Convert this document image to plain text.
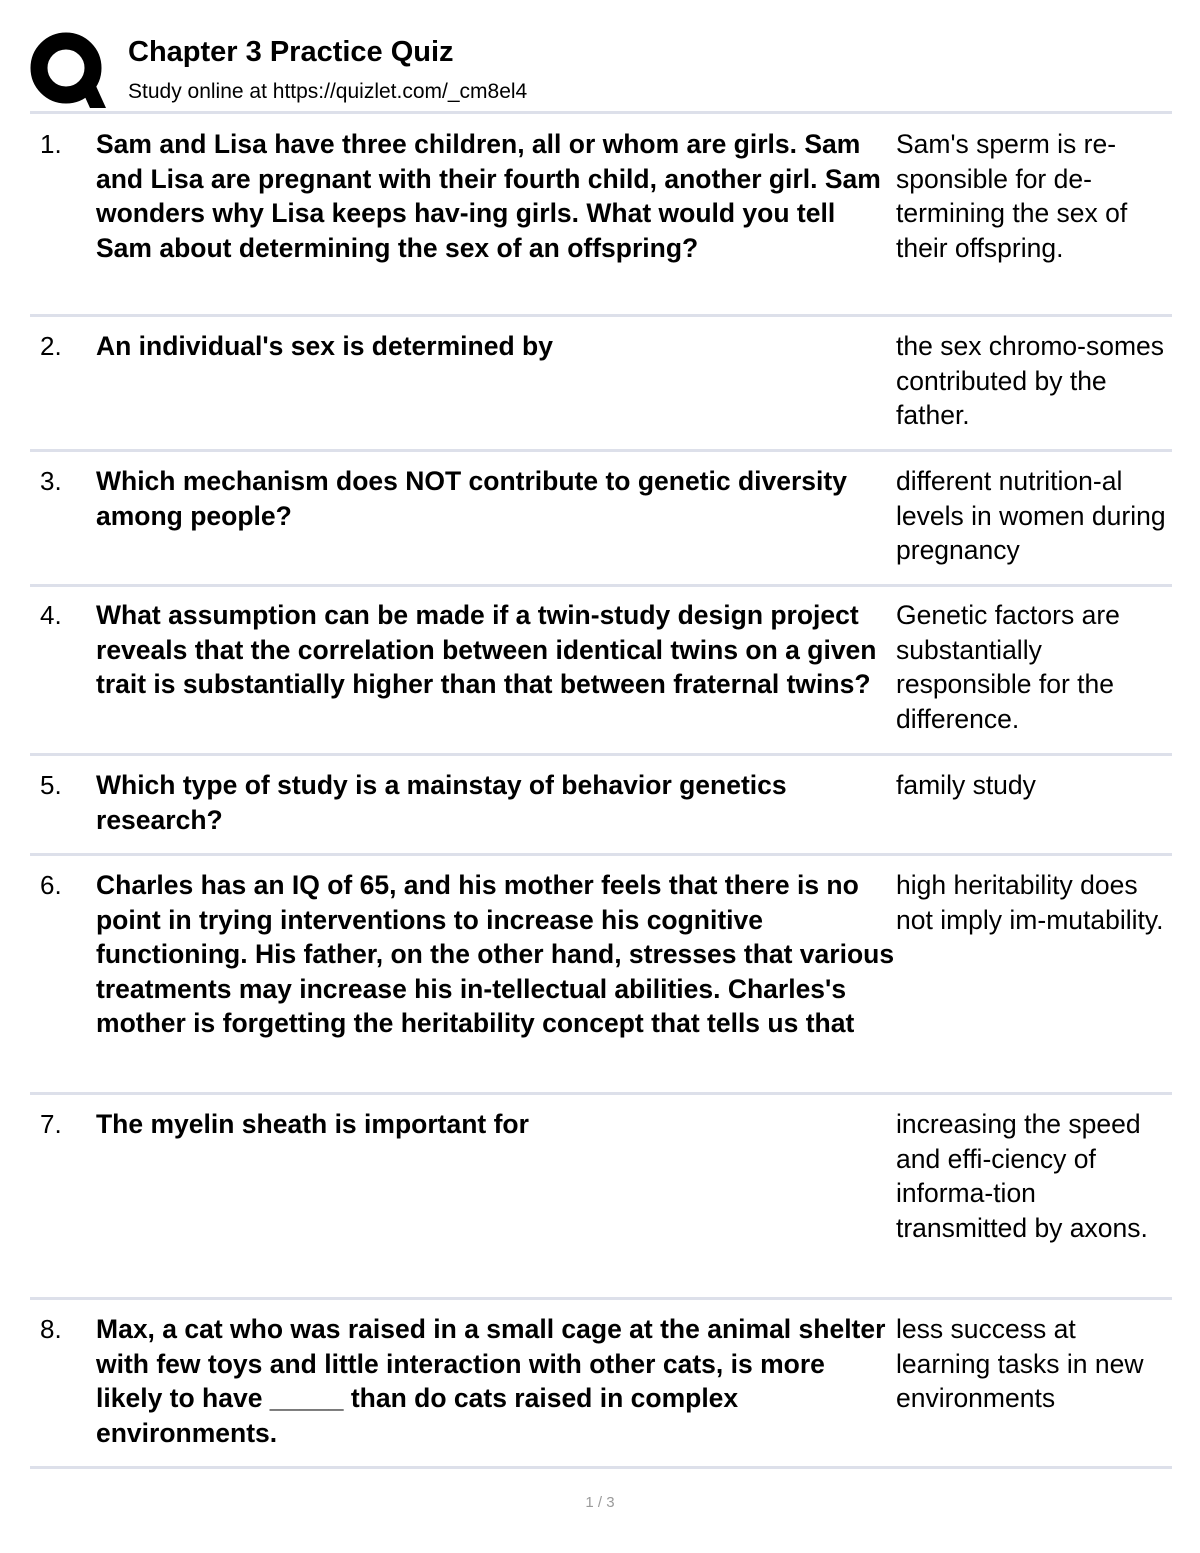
Chapter 3 Practice Quiz
Study online at https://quizlet.com/_cm8el4
1. Sam and Lisa have three children, all or whom are girls. Sam and Lisa are pregnant with their fourth child, another girl. Sam wonders why Lisa keeps hav-ing girls. What would you tell Sam about determining the sex of an offspring?

Sam's sperm is re-sponsible for de-termining the sex of their offspring.

2. An individual's sex is determined by	the sex chromo-somes contributed by the father.

3. Which mechanism does NOT contribute to genetic diversity among people?

different nutrition-al levels in women during pregnancy

4. What assumption can be made if a twin-study design project reveals that the correlation between identical twins on a given trait is substantially higher than that between fraternal twins?

Genetic factors are substantially responsible for the difference.

5. Which type of study is a mainstay of behavior genetics research?

family study

6. Charles has an IQ of 65, and his mother feels that there is no point in trying interventions to increase his cognitive functioning. His father, on the other hand, stresses that various treatments may increase his in-tellectual abilities. Charles's mother is forgetting the heritability concept that tells us that

high heritability does not imply im-mutability.

7. The myelin sheath is important for	increasing the speed and effi-ciency of informa-tion transmitted by axons.

8. Max, a cat who was raised in a small cage at the animal shelter with few toys and little interaction with other cats, is more likely to have _____ than do cats raised in complex environments.

less success at learning tasks in new environments

1 / 3
